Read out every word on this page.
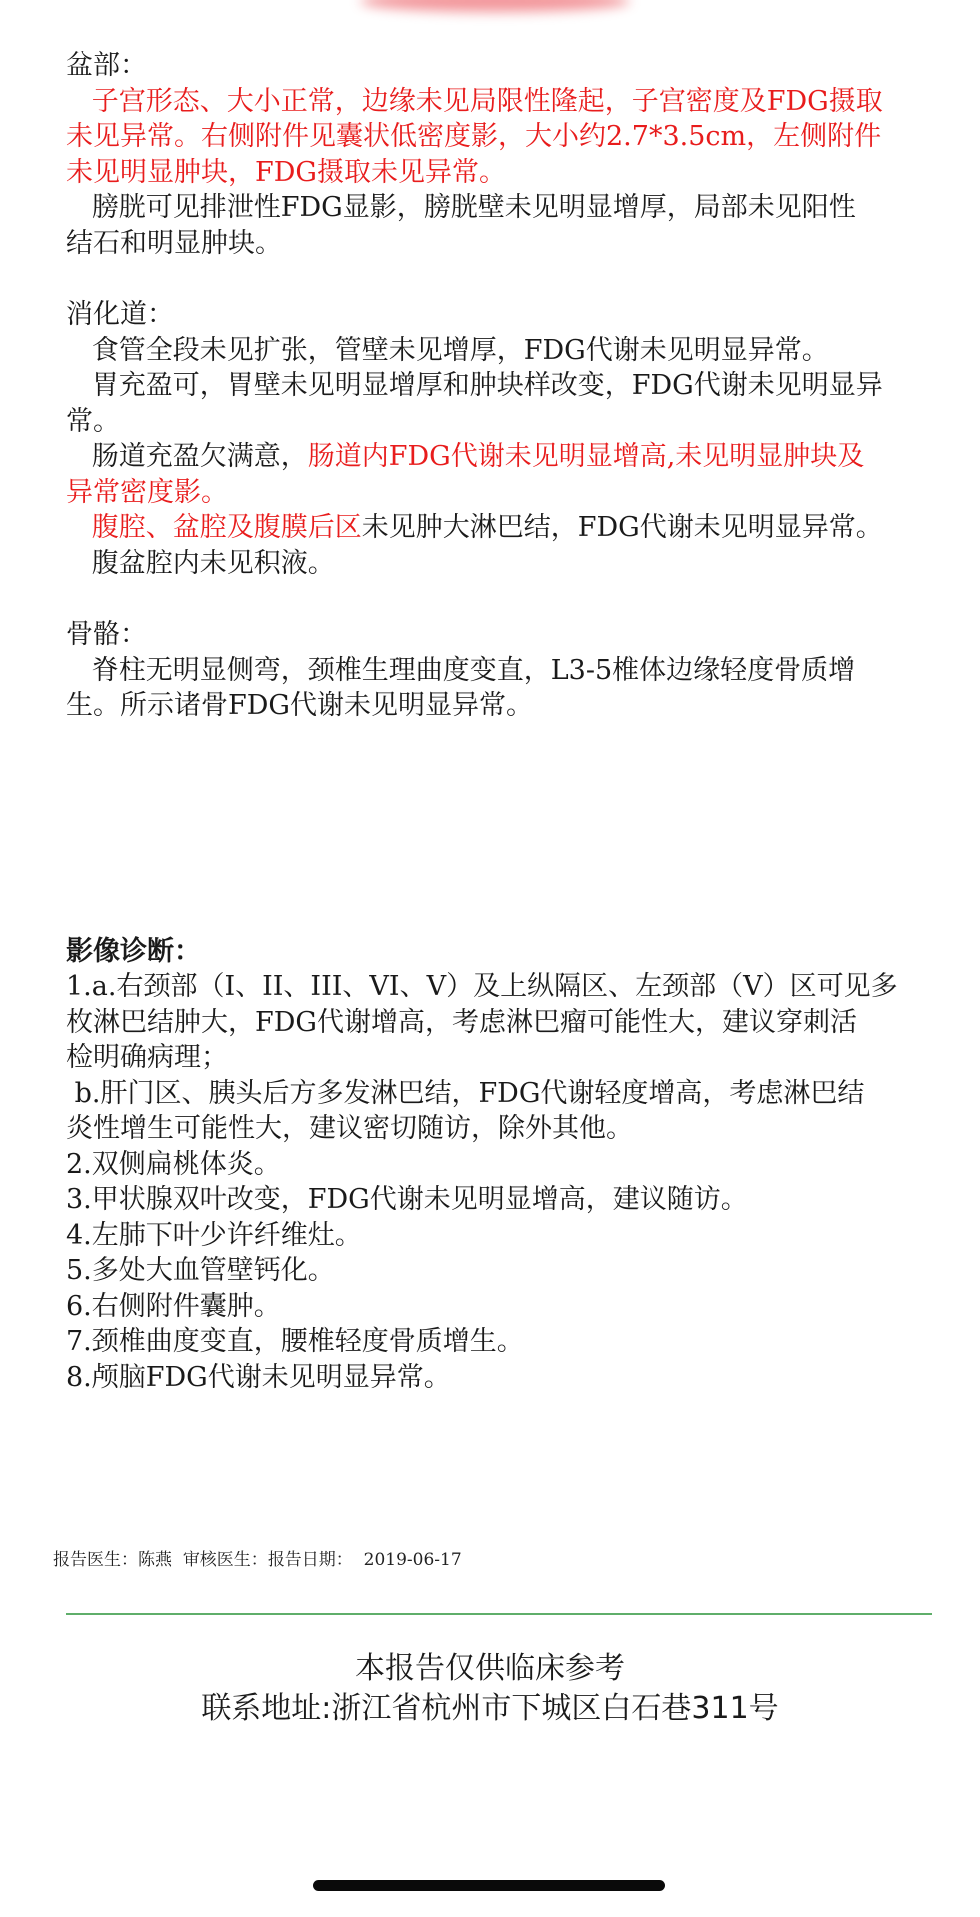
盆部：
子宫形态、大小正常，边缘未见局限性隆起，子宫密度及FDG摄取
未见异常。右侧附件见囊状低密度影，大小约2.7*3.5cm，左侧附件
未见明显肿块，FDG摄取未见异常。
膀胱可见排泄性FDG显影，膀胱壁未见明显增厚，局部未见阳性
结石和明显肿块。
消化道：
食管全段未见扩张，管壁未见增厚，FDG代谢未见明显异常。
胃充盈可，胃壁未见明显增厚和肿块样改变，FDG代谢未见明显异
常。
肠道充盈欠满意，肠道内FDG代谢未见明显增高,未见明显肿块及
异常密度影。
腹腔、盆腔及腹膜后区未见肿大淋巴结，FDG代谢未见明显异常。
腹盆腔内未见积液。
骨骼：
脊柱无明显侧弯，颈椎生理曲度变直，L3-5椎体边缘轻度骨质增
生。所示诸骨FDG代谢未见明显异常。
影像诊断：
1.a.右颈部（I、II、III、VI、V）及上纵隔区、左颈部（V）区可见多
枚淋巴结肿大，FDG代谢增高，考虑淋巴瘤可能性大，建议穿刺活
检明确病理；
b.肝门区、胰头后方多发淋巴结，FDG代谢轻度增高，考虑淋巴结
炎性增生可能性大，建议密切随访，除外其他。
2.双侧扁桃体炎。
3.甲状腺双叶改变，FDG代谢未见明显增高，建议随访。
4.左肺下叶少许纤维灶。
5.多处大血管壁钙化。
6.右侧附件囊肿。
7.颈椎曲度变直，腰椎轻度骨质增生。
8.颅脑FDG代谢未见明显异常。
报告医生：陈燕 审核医生：报告日期： 2019-06-17
本报告仅供临床参考
联系地址:浙江省杭州市下城区白石巷311号
